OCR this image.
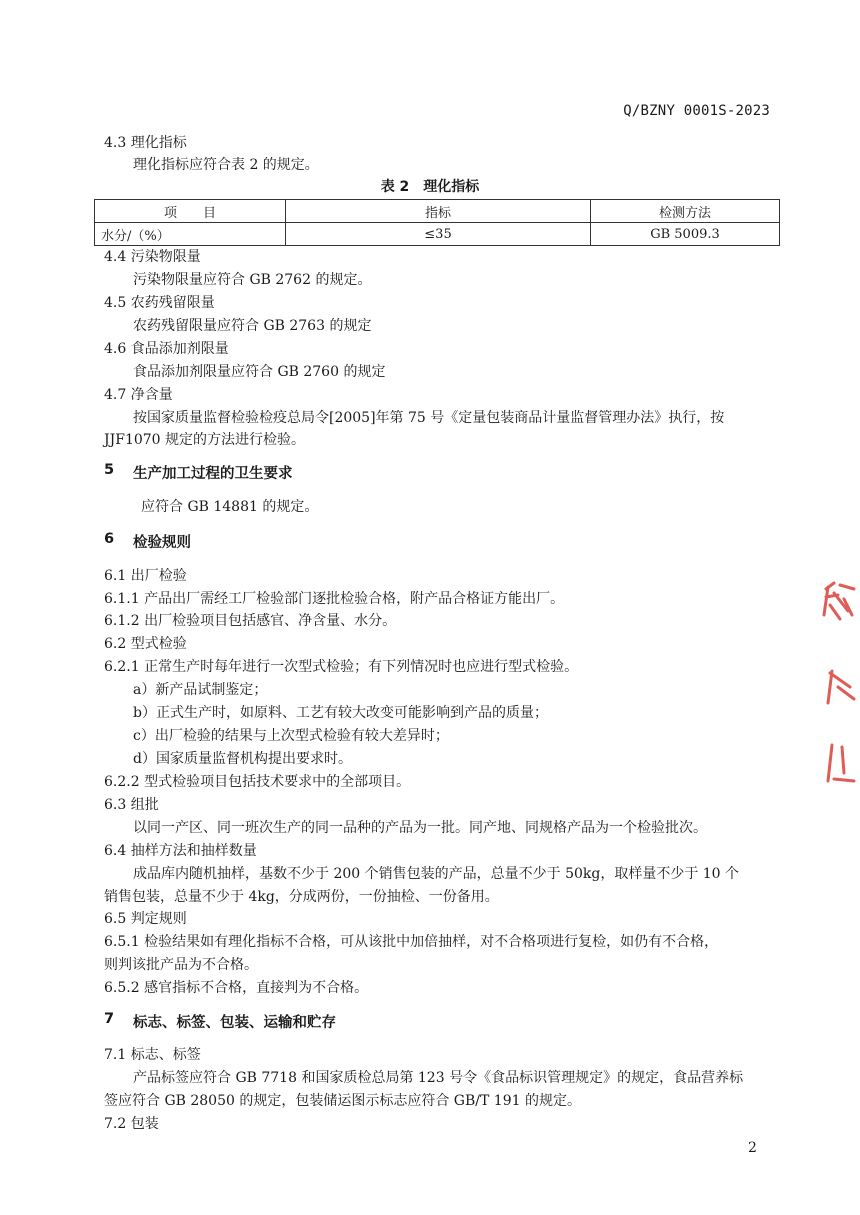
Q/BZNY 0001S-2023
4.3 理化指标
理化指标应符合表 2 的规定。
表 2　理化指标
项　　目	指标	检测方法
水分/（%）	≤35	GB 5009.3
4.4 污染物限量
污染物限量应符合 GB 2762 的规定。
4.5 农药残留限量
农药残留限量应符合 GB 2763 的规定
4.6 食品添加剂限量
食品添加剂限量应符合 GB 2760 的规定
4.7 净含量
按国家质量监督检验检疫总局令[2005]年第 75 号《定量包装商品计量监督管理办法》执行，按
JJF1070 规定的方法进行检验。
5 生产加工过程的卫生要求
应符合 GB 14881 的规定。
6 检验规则
6.1 出厂检验
6.1.1 产品出厂需经工厂检验部门逐批检验合格，附产品合格证方能出厂。
6.1.2 出厂检验项目包括感官、净含量、水分。
6.2 型式检验
6.2.1 正常生产时每年进行一次型式检验；有下列情况时也应进行型式检验。
a）新产品试制鉴定；
b）正式生产时，如原料、工艺有较大改变可能影响到产品的质量；
c）出厂检验的结果与上次型式检验有较大差异时；
d）国家质量监督机构提出要求时。
6.2.2 型式检验项目包括技术要求中的全部项目。
6.3 组批
以同一产区、同一班次生产的同一品种的产品为一批。同产地、同规格产品为一个检验批次。
6.4 抽样方法和抽样数量
成品库内随机抽样，基数不少于 200 个销售包装的产品，总量不少于 50kg，取样量不少于 10 个
销售包装，总量不少于 4kg，分成两份，一份抽检、一份备用。
6.5 判定规则
6.5.1 检验结果如有理化指标不合格，可从该批中加倍抽样，对不合格项进行复检，如仍有不合格，
则判该批产品为不合格。
6.5.2 感官指标不合格，直接判为不合格。
7 标志、标签、包装、运输和贮存
7.1 标志、标签
产品标签应符合 GB 7718 和国家质检总局第 123 号令《食品标识管理规定》的规定，食品营养标
签应符合 GB 28050 的规定，包装储运图示标志应符合 GB/T 191 的规定。
7.2 包装
2
